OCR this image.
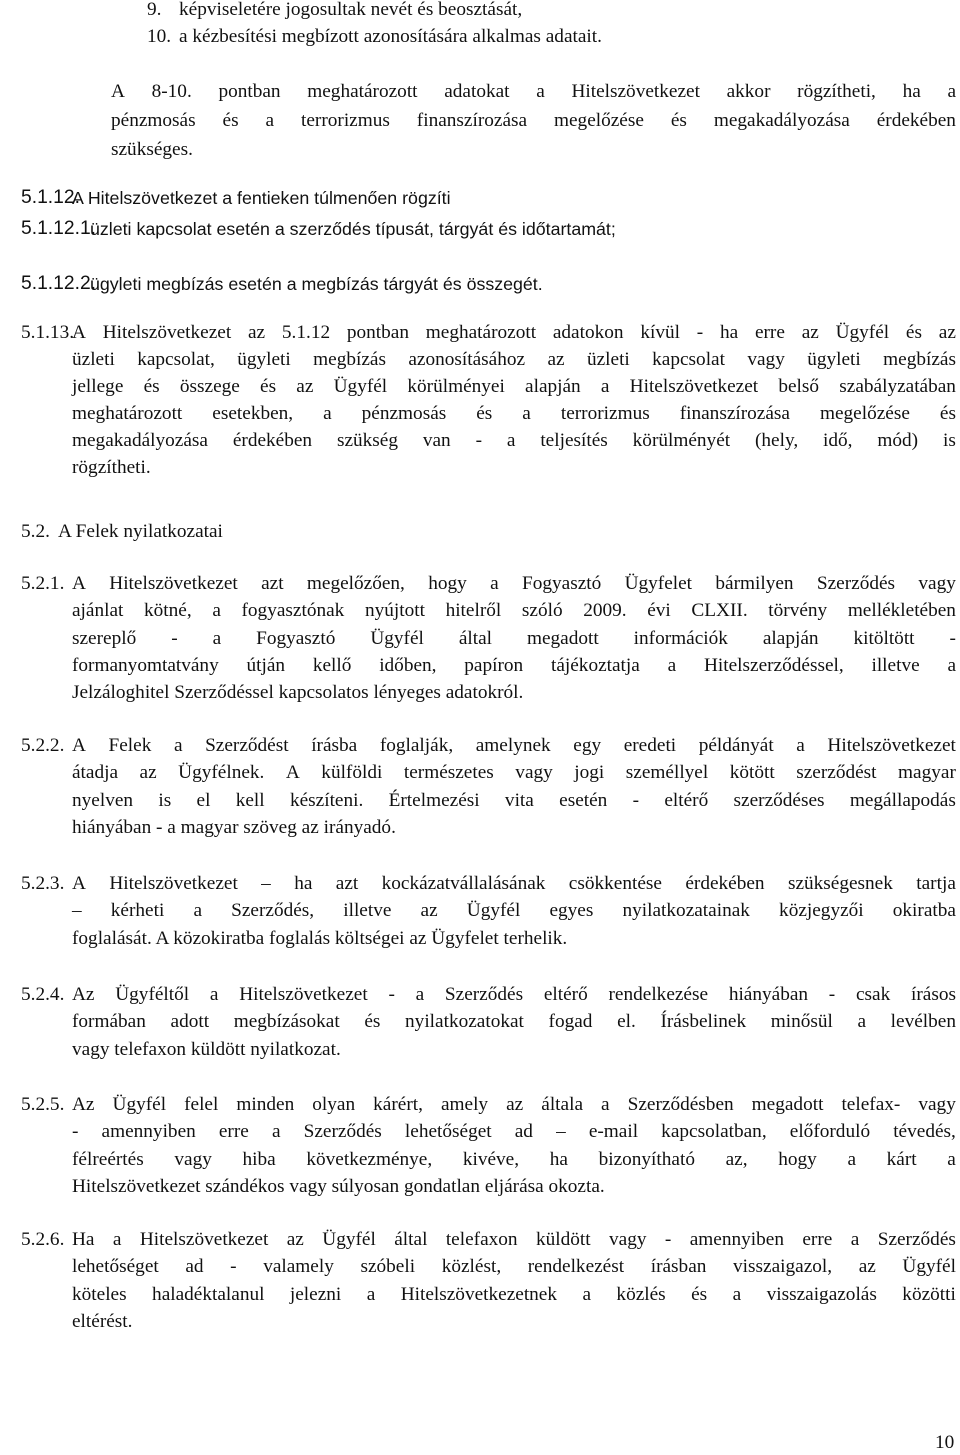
9. képviseletére jogosultak nevét és beosztását,
10. a kézbesítési megbízott azonosítására alkalmas adatait.
A 8-10. pontban meghatározott adatokat a Hitelszövetkezet akkor rögzítheti, ha a
pénzmosás és a terrorizmus finanszírozása megelőzése és megakadályozása érdekében
szükséges.
5.1.12.
A Hitelszövetkezet a fentieken túlmenően rögzíti
5.1.12.1.
üzleti kapcsolat esetén a szerződés típusát, tárgyát és időtartamát;
5.1.12.2.
ügyleti megbízás esetén a megbízás tárgyát és összegét.
5.1.13.
A Hitelszövetkezet az 5.1.12 pontban meghatározott adatokon kívül - ha erre az Ügyfél és az
üzleti kapcsolat, ügyleti megbízás azonosításához az üzleti kapcsolat vagy ügyleti megbízás
jellege és összege és az Ügyfél körülményei alapján a Hitelszövetkezet belső szabályzatában
meghatározott esetekben, a pénzmosás és a terrorizmus finanszírozása megelőzése és
megakadályozása érdekében szükség van - a teljesítés körülményét (hely, idő, mód) is
rögzítheti.
5.2. A Felek nyilatkozatai
5.2.1. A Hitelszövetkezet azt megelőzően, hogy a Fogyasztó Ügyfelet bármilyen Szerződés vagy
ajánlat kötné, a fogyasztónak nyújtott hitelről szóló 2009. évi CLXII. törvény mellékletében
szereplő - a Fogyasztó Ügyfél által megadott információk alapján kitöltött -
formanyomtatvány útján kellő időben, papíron tájékoztatja a Hitelszerződéssel, illetve a
Jelzáloghitel Szerződéssel kapcsolatos lényeges adatokról.
5.2.2. A Felek a Szerződést írásba foglalják, amelynek egy eredeti példányát a Hitelszövetkezet
átadja az Ügyfélnek. A külföldi természetes vagy jogi személlyel kötött szerződést magyar
nyelven is el kell készíteni. Értelmezési vita esetén - eltérő szerződéses megállapodás
hiányában - a magyar szöveg az irányadó.
5.2.3. A Hitelszövetkezet – ha azt kockázatvállalásának csökkentése érdekében szükségesnek tartja
– kérheti a Szerződés, illetve az Ügyfél egyes nyilatkozatainak közjegyzői okiratba
foglalását. A közokiratba foglalás költségei az Ügyfelet terhelik.
5.2.4. Az Ügyféltől a Hitelszövetkezet - a Szerződés eltérő rendelkezése hiányában - csak írásos
formában adott megbízásokat és nyilatkozatokat fogad el. Írásbelinek minősül a levélben
vagy telefaxon küldött nyilatkozat.
5.2.5. Az Ügyfél felel minden olyan kárért, amely az általa a Szerződésben megadott telefax- vagy
- amennyiben erre a Szerződés lehetőséget ad – e-mail kapcsolatban, előforduló tévedés,
félreértés vagy hiba következménye, kivéve, ha bizonyítható az, hogy a kárt a
Hitelszövetkezet szándékos vagy súlyosan gondatlan eljárása okozta.
5.2.6. Ha a Hitelszövetkezet az Ügyfél által telefaxon küldött vagy - amennyiben erre a Szerződés
lehetőséget ad - valamely szóbeli közlést, rendelkezést írásban visszaigazol, az Ügyfél
köteles haladéktalanul jelezni a Hitelszövetkezetnek a közlés és a visszaigazolás közötti
eltérést.
10
